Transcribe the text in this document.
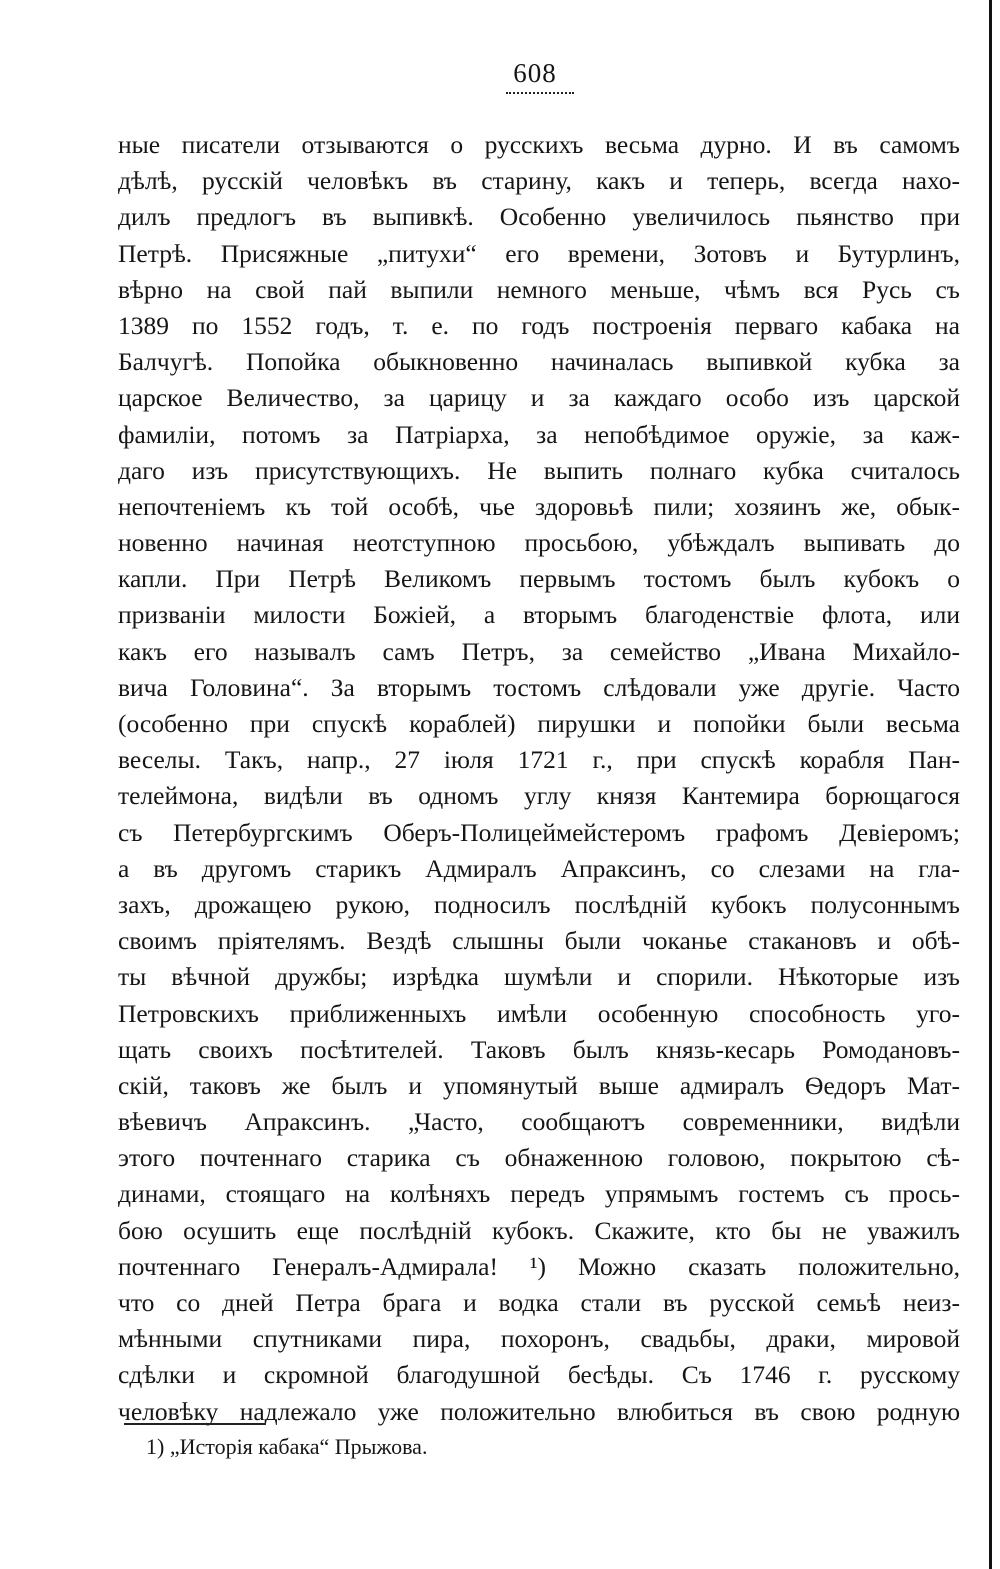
608
ные писатели отзываются о русскихъ весьма дурно. И въ самомъ
дѣлѣ, русскій человѣкъ въ старину, какъ и теперь, всегда нахо-
дилъ предлогъ въ выпивкѣ. Особенно увеличилось пьянство при
Петрѣ. Присяжные „питухи“ его времени, Зотовъ и Бутурлинъ,
вѣрно на свой пай выпили немного меньше, чѣмъ вся Русь съ
1389 по 1552 годъ, т. е. по годъ построенія перваго кабака на
Балчугѣ. Попойка обыкновенно начиналась выпивкой кубка за
царское Величество, за царицу и за каждаго особо изъ царской
фамиліи, потомъ за Патріарха, за непобѣдимое оружіе, за каж-
даго изъ присутствующихъ. Не выпить полнаго кубка считалось
непочтеніемъ къ той особѣ, чье здоровьѣ пили; хозяинъ же, обык-
новенно начиная неотступною просьбою, убѣждалъ выпивать до
капли. При Петрѣ Великомъ первымъ тостомъ былъ кубокъ о
призваніи милости Божіей, а вторымъ благоденствіе флота, или
какъ его называлъ самъ Петръ, за семейство „Ивана Михайло-
вича Головина“. За вторымъ тостомъ слѣдовали уже другіе. Часто
(особенно при спускѣ кораблей) пирушки и попойки были весьма
веселы. Такъ, напр., 27 іюля 1721 г., при спускѣ корабля Пан-
телеймона, видѣли въ одномъ углу князя Кантемира борющагося
съ Петербургскимъ Оберъ-Полицеймейстеромъ графомъ Девіеромъ;
а въ другомъ старикъ Адмиралъ Апраксинъ, со слезами на гла-
захъ, дрожащею рукою, подносилъ послѣдній кубокъ полусоннымъ
своимъ пріятелямъ. Вездѣ слышны были чоканье стакановъ и обѣ-
ты вѣчной дружбы; изрѣдка шумѣли и спорили. Нѣкоторые изъ
Петровскихъ приближенныхъ имѣли особенную способность уго-
щать своихъ посѣтителей. Таковъ былъ князь-кесарь Ромодановъ-
скій, таковъ же былъ и упомянутый выше адмиралъ Ѳедоръ Мат-
вѣевичъ Апраксинъ. „Часто, сообщаютъ современники, видѣли
этого почтеннаго старика съ обнаженною головою, покрытою сѣ-
динами, стоящаго на колѣняхъ передъ упрямымъ гостемъ съ прось-
бою осушить еще послѣдній кубокъ. Скажите, кто бы не уважилъ
почтеннаго Генералъ-Адмирала! ¹) Можно сказать положительно,
что со дней Петра брага и водка стали въ русской семьѣ неиз-
мѣнными спутниками пира, похоронъ, свадьбы, драки, мировой
сдѣлки и скромной благодушной бесѣды. Съ 1746 г. русскому
человѣку надлежало уже положительно влюбиться въ свою родную
1) „Исторія кабака“ Прыжова.
